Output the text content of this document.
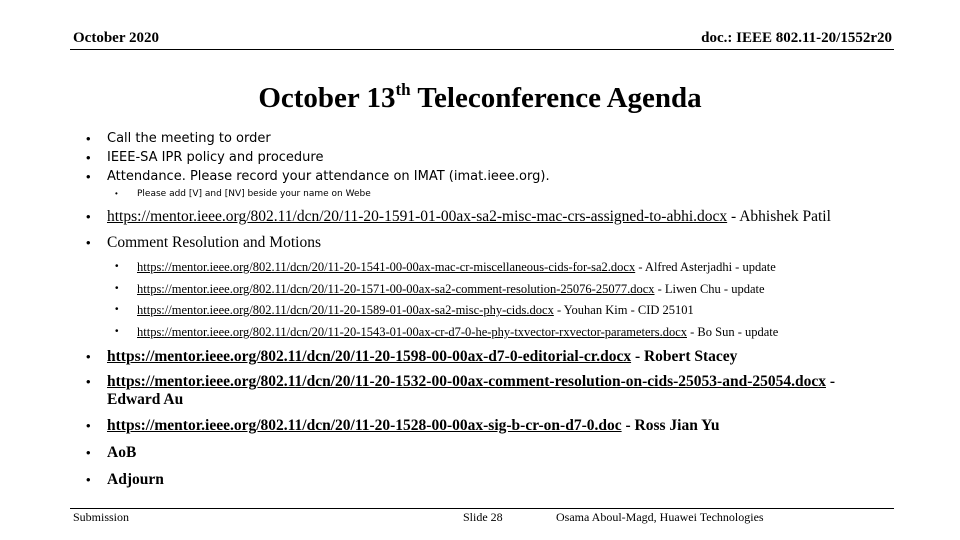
October 2020	doc.: IEEE 802.11-20/1552r20
October 13th Teleconference Agenda
• Call the meeting to order
• IEEE-SA IPR policy and procedure
• Attendance. Please record your attendance on IMAT (imat.ieee.org).
• Please add [V] and [NV] beside your name on Webe
• https://mentor.ieee.org/802.11/dcn/20/11-20-1591-01-00ax-sa2-misc-mac-crs-assigned-to-abhi.docx - Abhishek Patil
• Comment Resolution and Motions
• https://mentor.ieee.org/802.11/dcn/20/11-20-1541-00-00ax-mac-cr-miscellaneous-cids-for-sa2.docx - Alfred Asterjadhi - update
• https://mentor.ieee.org/802.11/dcn/20/11-20-1571-00-00ax-sa2-comment-resolution-25076-25077.docx - Liwen Chu - update
• https://mentor.ieee.org/802.11/dcn/20/11-20-1589-01-00ax-sa2-misc-phy-cids.docx - Youhan Kim - CID 25101
• https://mentor.ieee.org/802.11/dcn/20/11-20-1543-01-00ax-cr-d7-0-he-phy-txvector-rxvector-parameters.docx - Bo Sun - update
• https://mentor.ieee.org/802.11/dcn/20/11-20-1598-00-00ax-d7-0-editorial-cr.docx - Robert Stacey
• https://mentor.ieee.org/802.11/dcn/20/11-20-1532-00-00ax-comment-resolution-on-cids-25053-and-25054.docx - Edward Au
• https://mentor.ieee.org/802.11/dcn/20/11-20-1528-00-00ax-sig-b-cr-on-d7-0.doc - Ross Jian Yu
• AoB
• Adjourn
Submission	Slide 28	Osama Aboul-Magd, Huawei Technologies
